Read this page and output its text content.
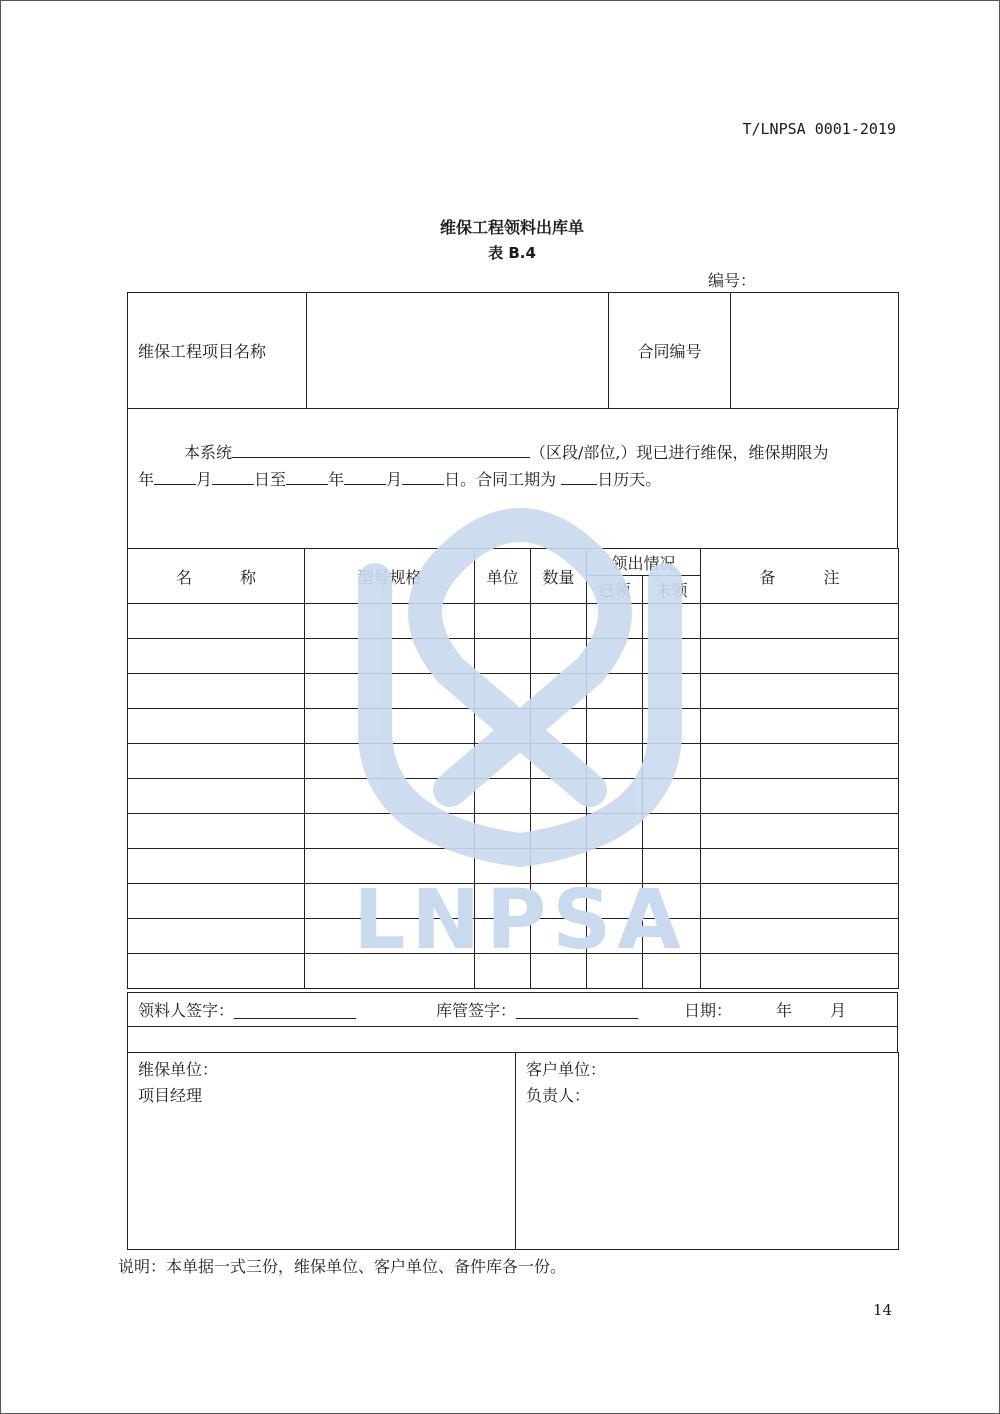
T/LNPSA 0001-2019
维保工程领料出库单
表 B.4
编号：
维保工程项目名称		合同编号	
本系统	（区段/部位,）现已进行维保，维保期限为
年	月	日至	年	月	日。合同工期为	日历天。
名　　　称	型号规格	单位	数量	领出情况		备　　　注
				已领	未领	

领料人签字：	库管签字：	日期：	年 月

维保单位：
项目经理

客户单位：
负责人：
说明：本单据一式三份，维保单位、客户单位、备件库各一份。
14
LNPSA
